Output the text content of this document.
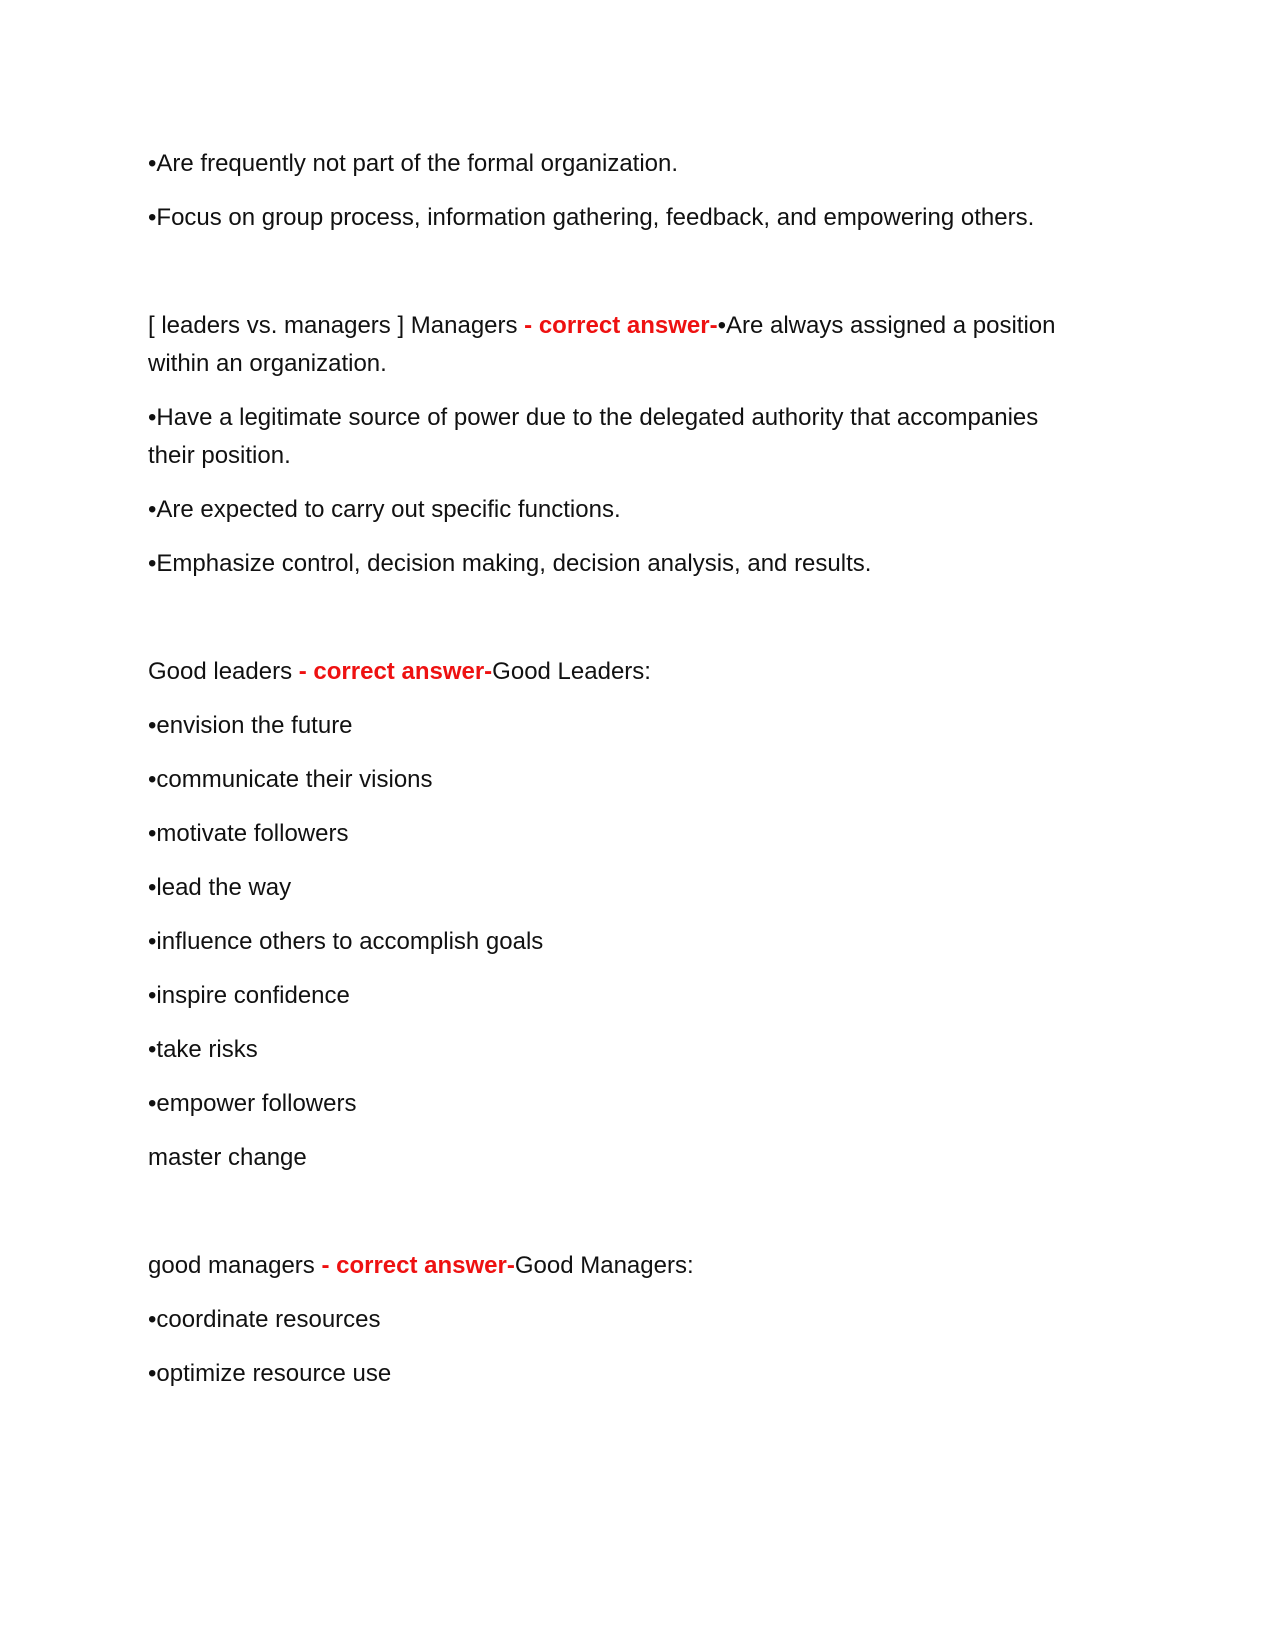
•Are frequently not part of the formal organization.

•Focus on group process, information gathering, feedback, and empowering others.

[ leaders vs. managers ] Managers - correct answer-•Are always assigned a position within an organization.

•Have a legitimate source of power due to the delegated authority that accompanies their position.

•Are expected to carry out specific functions.

•Emphasize control, decision making, decision analysis, and results.

Good leaders - correct answer-Good Leaders:

•envision the future

•communicate their visions

•motivate followers

•lead the way

•influence others to accomplish goals

•inspire confidence

•take risks

•empower followers

master change

good managers - correct answer-Good Managers:

•coordinate resources

•optimize resource use
